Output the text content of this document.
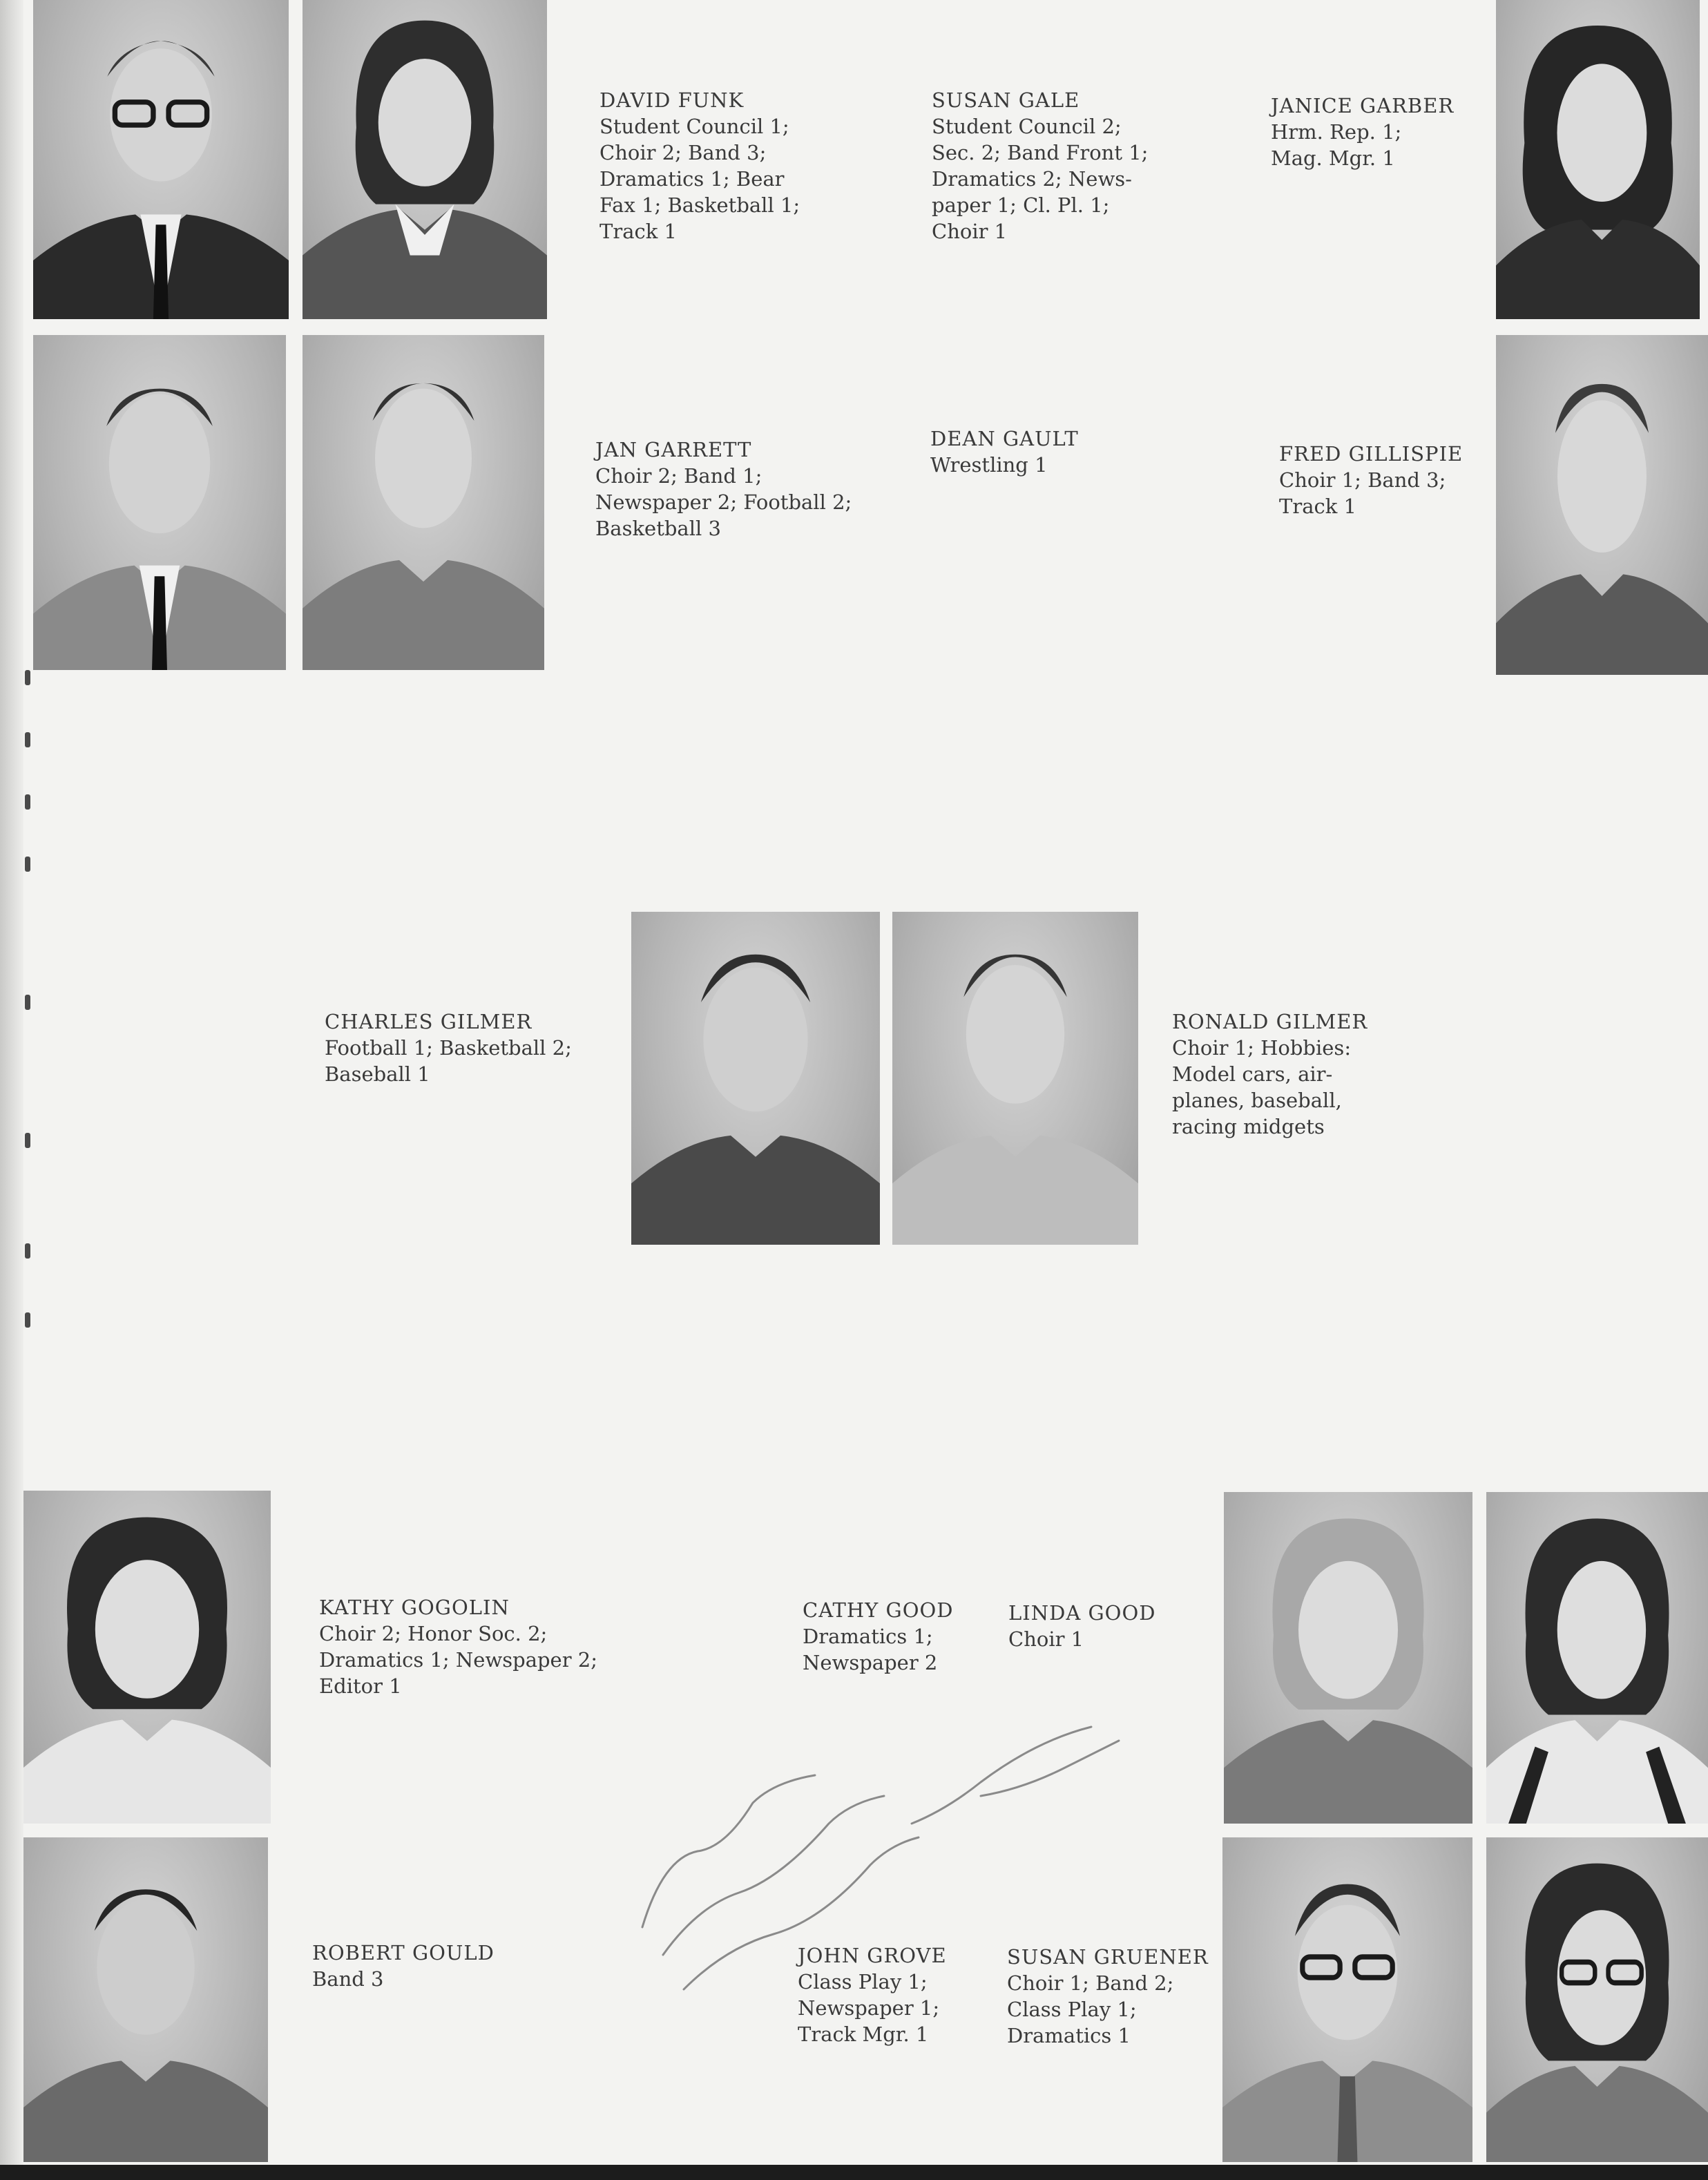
DAVID FUNK
Student Council 1;
Choir 2; Band 3;
Dramatics 1; Bear
Fax 1; Basketball 1;
Track 1
SUSAN GALE
Student Council 2;
Sec. 2; Band Front 1;
Dramatics 2; News-
paper 1; Cl. Pl. 1;
Choir 1
JANICE GARBER
Hrm. Rep. 1;
Mag. Mgr. 1
JAN GARRETT
Choir 2; Band 1;
Newspaper 2; Football 2;
Basketball 3
DEAN GAULT
Wrestling 1	FRED GILLISPIE
Choir 1; Band 3;
Track 1
CHARLES GILMER
Football 1; Basketball 2;
Baseball 1
RONALD GILMER
Choir 1; Hobbies:
Model cars, air-
planes, baseball,
racing midgets
KATHY GOGOLIN
Choir 2; Honor Soc. 2;
Dramatics 1; Newspaper 2;
Editor 1
CATHY GOOD
Dramatics 1;
Newspaper 2
LINDA GOOD
Choir 1
ROBERT GOULD
Band 3
JOHN GROVE
Class Play 1;
Newspaper 1;
Track Mgr. 1
SUSAN GRUENER
Choir 1; Band 2;
Class Play 1;
Dramatics 1
